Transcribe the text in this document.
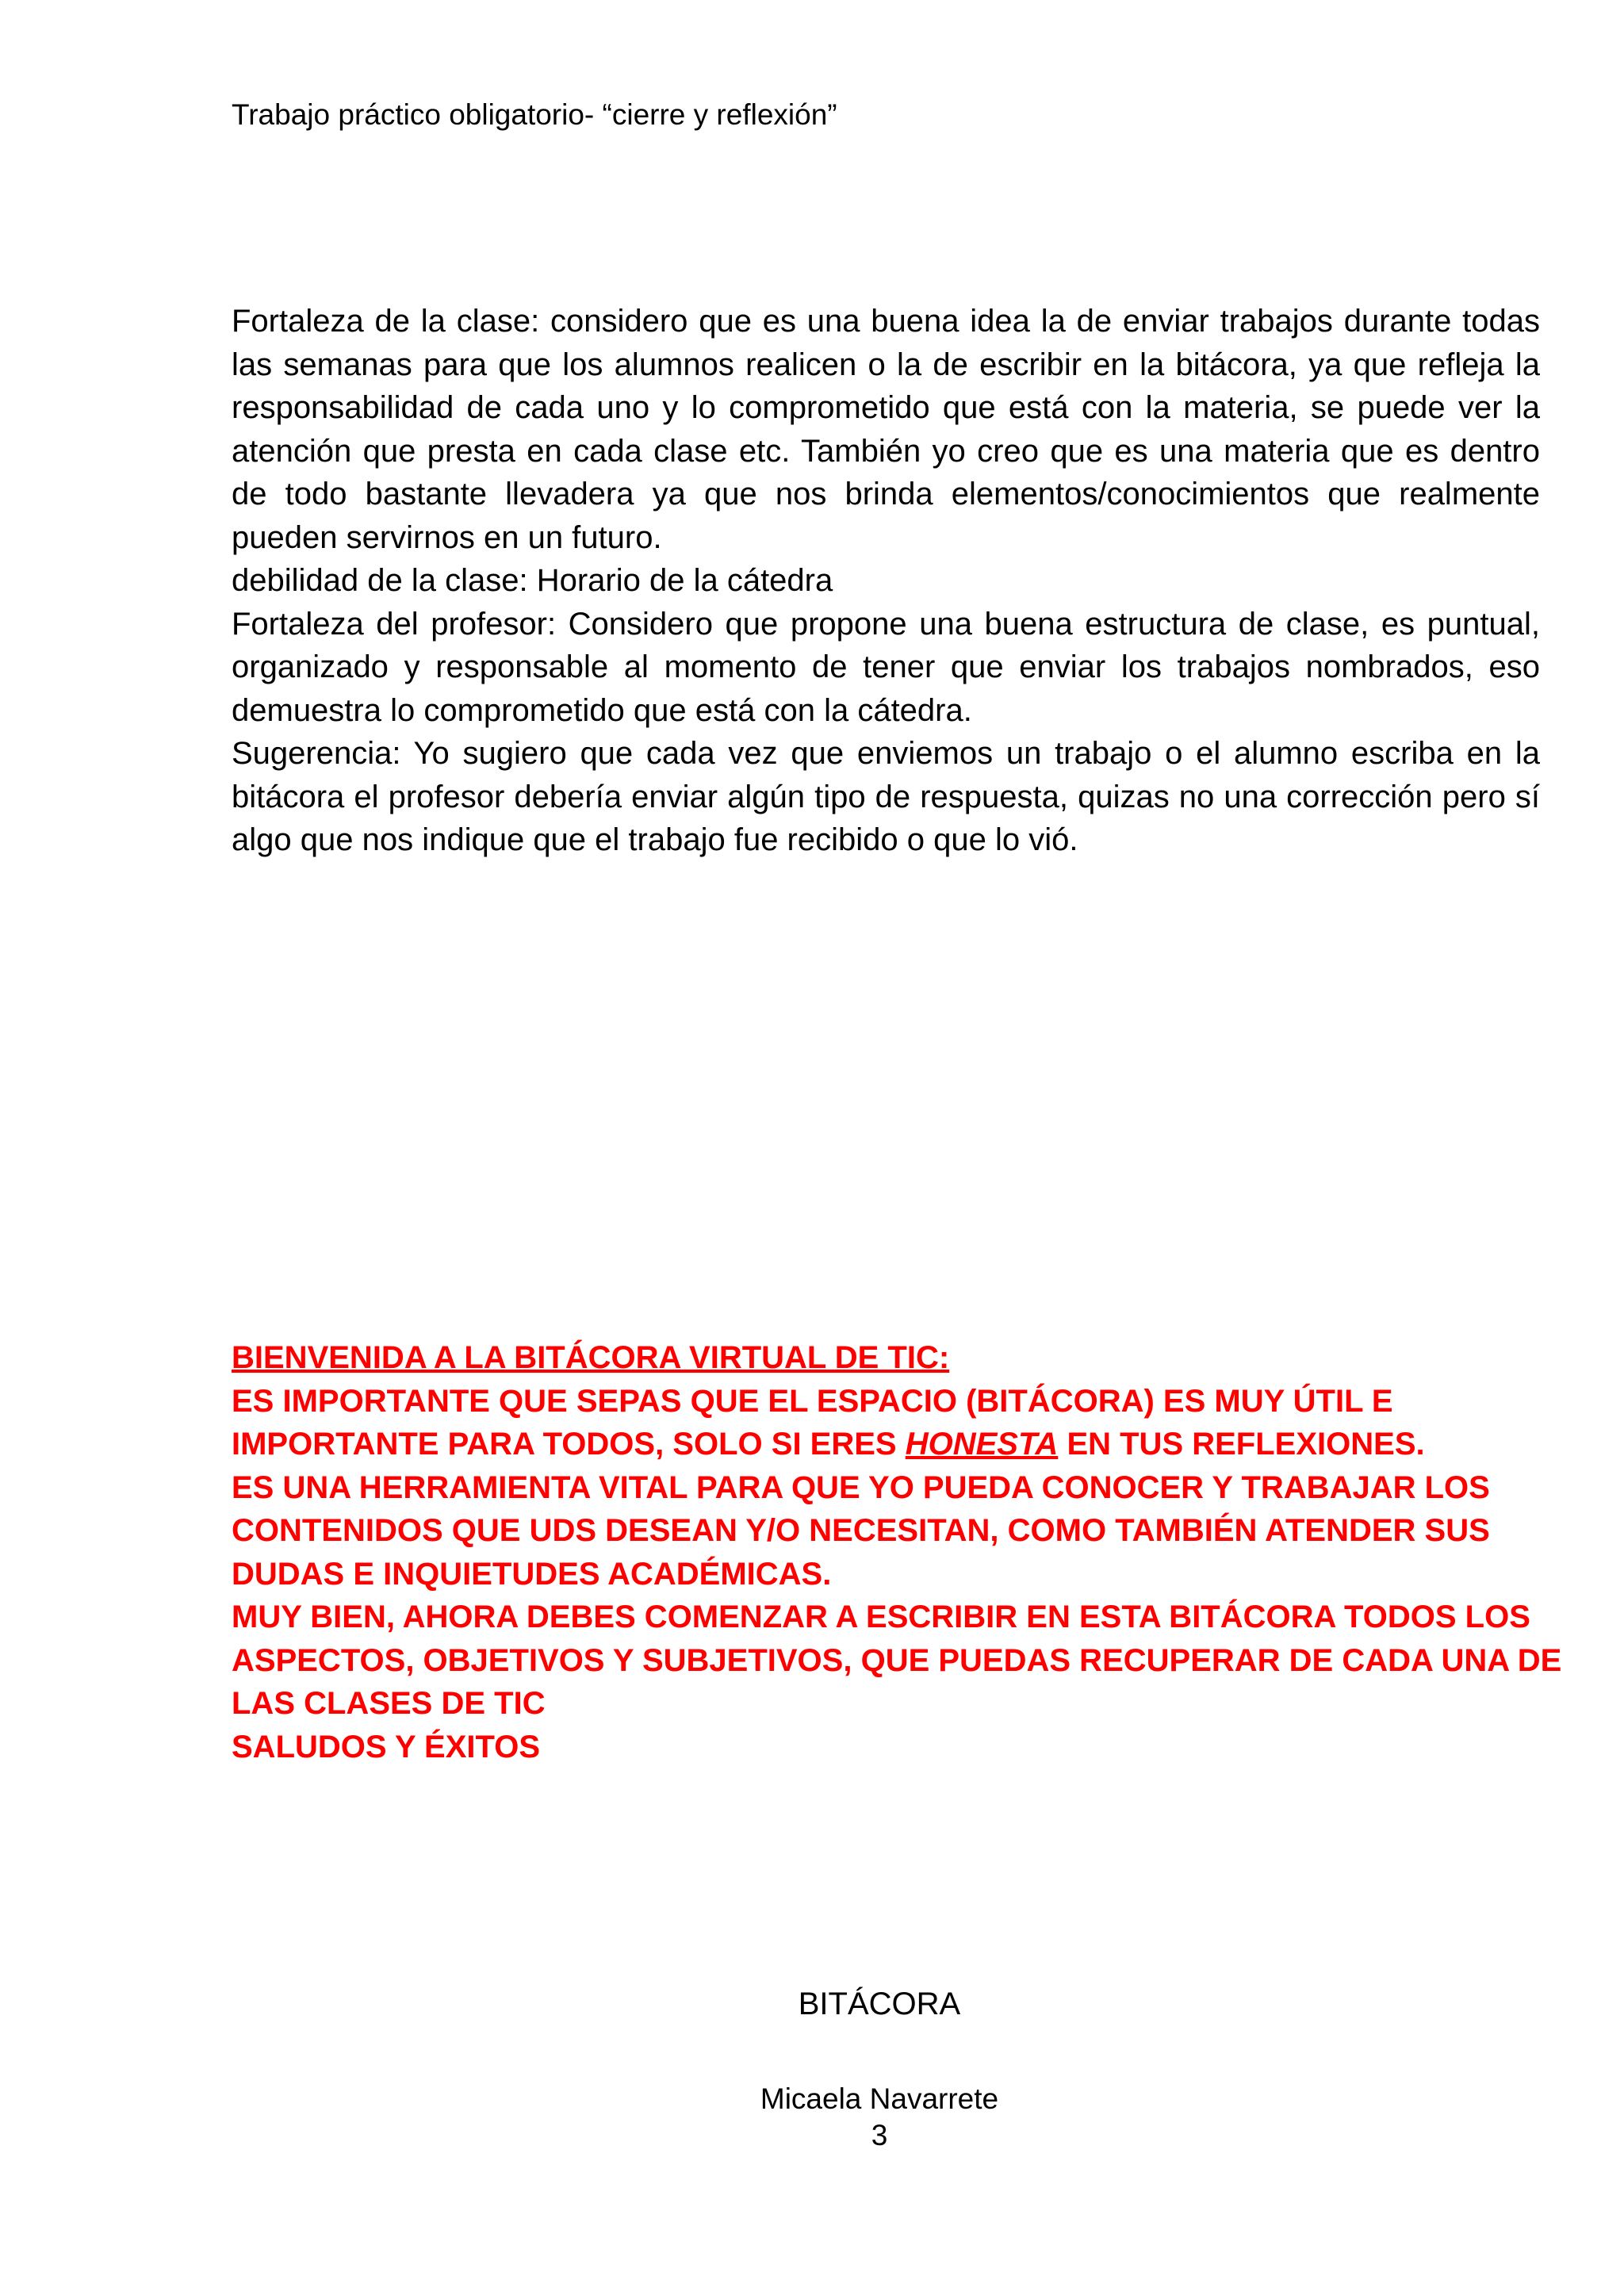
Trabajo práctico obligatorio- “cierre y reflexión”

Fortaleza de la clase: considero que es una buena idea la de enviar trabajos durante todas las semanas para que los alumnos realicen o la de escribir en la bitácora, ya que refleja la responsabilidad de cada uno y lo comprometido que está con la materia, se puede ver la atención que presta en cada clase etc. También yo creo que es una materia que es dentro de todo bastante llevadera ya que nos brinda elementos/conocimientos que realmente pueden servirnos en un futuro.

debilidad de la clase: Horario de la cátedra

Fortaleza del profesor: Considero que propone una buena estructura de clase, es puntual, organizado y responsable al momento de tener que enviar los trabajos nombrados, eso demuestra lo comprometido que está con la cátedra.

Sugerencia: Yo sugiero que cada vez que enviemos un trabajo o el alumno escriba en la bitácora el profesor debería enviar algún tipo de respuesta, quizas no una corrección pero sí algo que nos indique que el trabajo fue recibido o que lo vió.

BIENVENIDA A LA BITÁCORA VIRTUAL DE TIC:

ES IMPORTANTE QUE SEPAS QUE EL ESPACIO (BITÁCORA) ES MUY ÚTIL E IMPORTANTE PARA TODOS, SOLO SI ERES HONESTA EN TUS REFLEXIONES.

ES UNA HERRAMIENTA VITAL PARA QUE YO PUEDA CONOCER Y TRABAJAR LOS CONTENIDOS QUE UDS DESEAN Y/O NECESITAN, COMO TAMBIÉN ATENDER SUS DUDAS E INQUIETUDES ACADÉMICAS.

MUY BIEN, AHORA DEBES COMENZAR A ESCRIBIR EN ESTA BITÁCORA TODOS LOS ASPECTOS, OBJETIVOS Y SUBJETIVOS, QUE PUEDAS RECUPERAR DE CADA UNA DE LAS CLASES DE TIC

SALUDOS Y ÉXITOS

BITÁCORA
Micaela Navarrete
3
